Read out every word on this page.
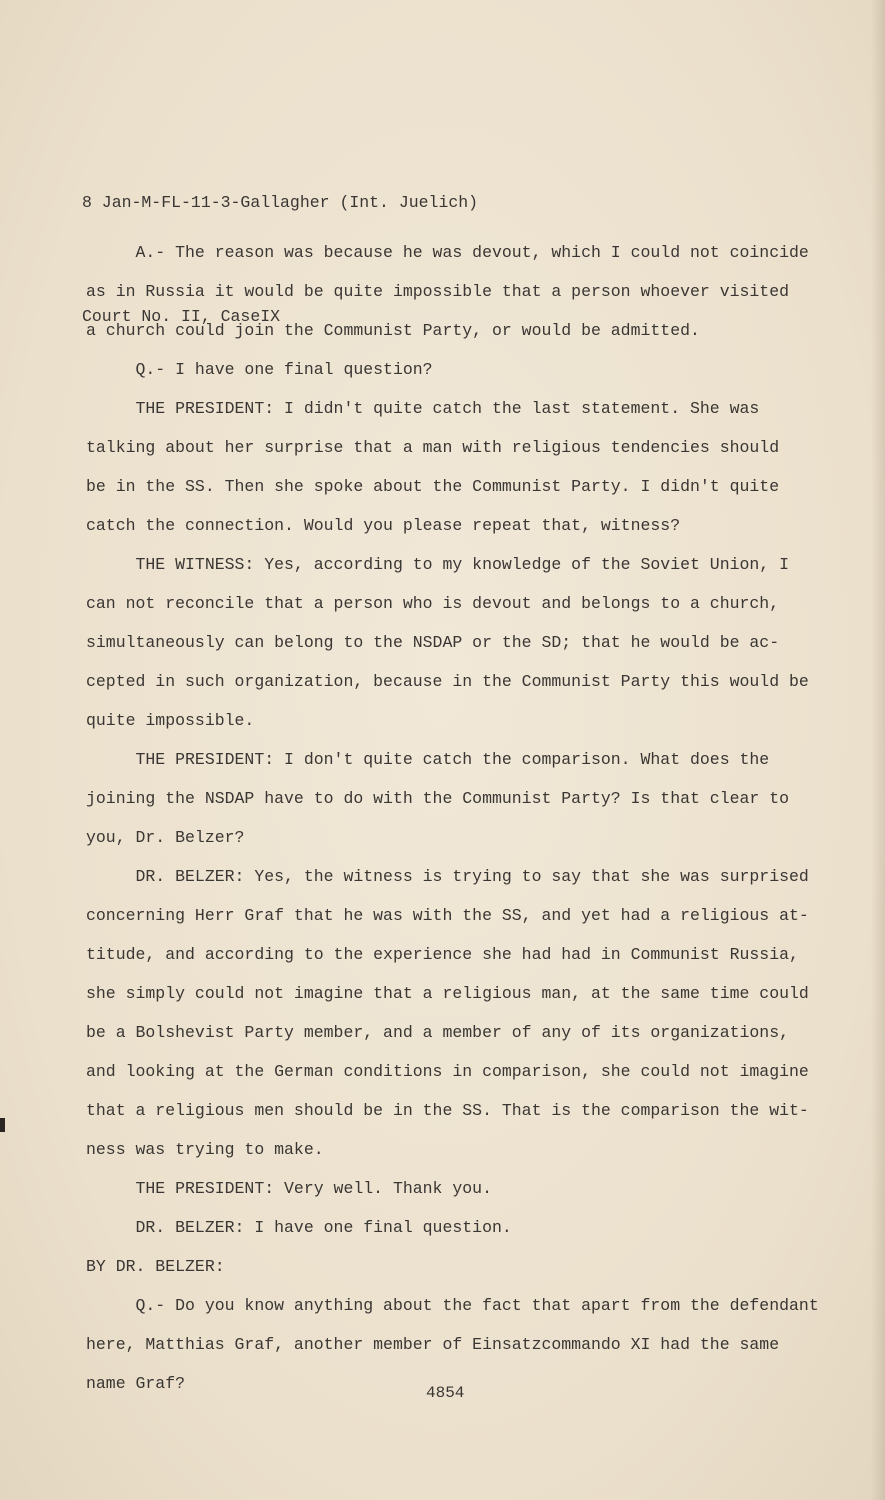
8 Jan-M-FL-11-3-Gallagher (Int. Juelich)

Court No. II, CaseIX

A.- The reason was because he was devout, which I could not coincide
as in Russia it would be quite impossible that a person whoever visited
a church could join the Communist Party, or would be admitted.
Q.- I have one final question?
THE PRESIDENT: I didn't quite catch the last statement. She was
talking about her surprise that a man with religious tendencies should
be in the SS. Then she spoke about the Communist Party. I didn't quite
catch the connection. Would you please repeat that, witness?
THE WITNESS: Yes, according to my knowledge of the Soviet Union, I
can not reconcile that a person who is devout and belongs to a church,
simultaneously can belong to the NSDAP or the SD; that he would be ac-
cepted in such organization, because in the Communist Party this would be
quite impossible.
THE PRESIDENT: I don't quite catch the comparison. What does the
joining the NSDAP have to do with the Communist Party? Is that clear to
you, Dr. Belzer?
DR. BELZER: Yes, the witness is trying to say that she was surprised
concerning Herr Graf that he was with the SS, and yet had a religious at-
titude, and according to the experience she had had in Communist Russia,
she simply could not imagine that a religious man, at the same time could
be a Bolshevist Party member, and a member of any of its organizations,
and looking at the German conditions in comparison, she could not imagine
that a religious men should be in the SS. That is the comparison the wit-
ness was trying to make.
THE PRESIDENT: Very well. Thank you.
DR. BELZER: I have one final question.
BY DR. BELZER:
Q.- Do you know anything about the fact that apart from the defendant
here, Matthias Graf, another member of Einsatzcommando XI had the same
name Graf?	4854
